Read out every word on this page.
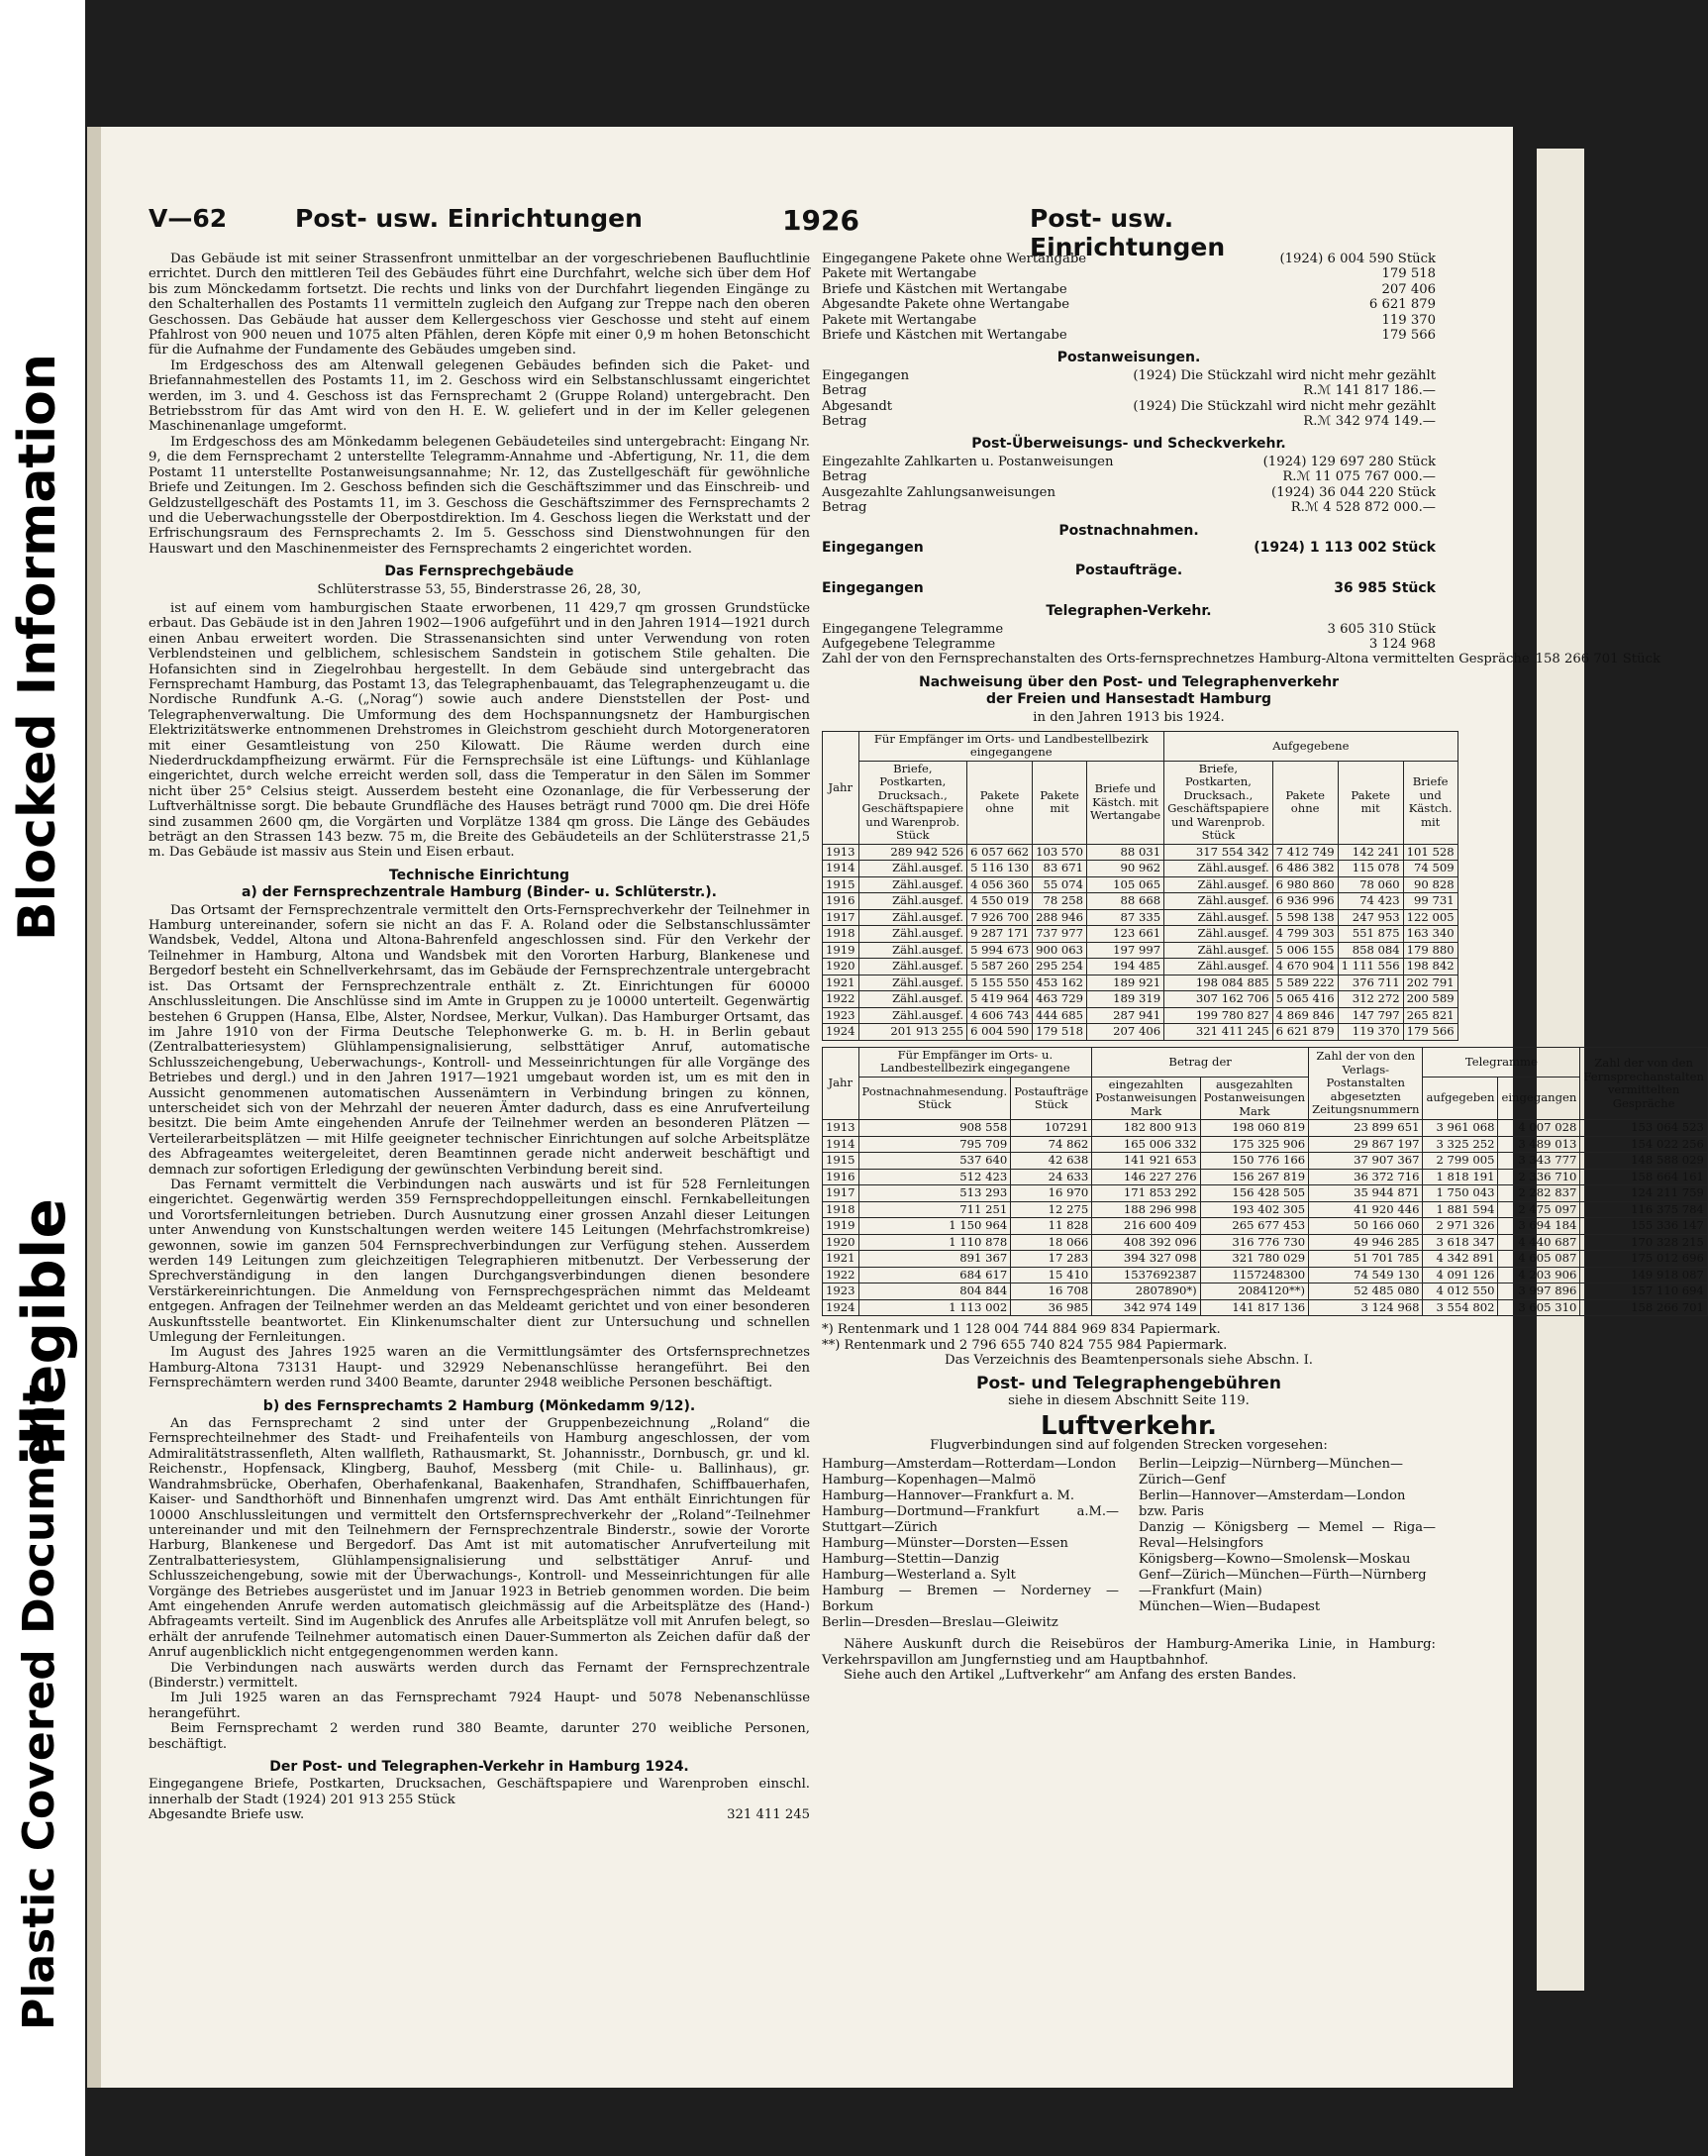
Blocked Information
illegible
Plastic Covered Document
V—62	Post- usw. Einrichtungen	1926	Post- usw. Einrichtungen

Das Gebäude ist mit seiner Strassenfront unmittelbar an der vorgeschriebenen Baufluchtlinie errichtet. Durch den mittleren Teil des Gebäudes führt eine Durchfahrt, welche sich über dem Hof bis zum Mönckedamm fortsetzt. Die rechts und links von der Durchfahrt liegenden Eingänge zu den Schalterhallen des Postamts 11 vermitteln zugleich den Aufgang zur Treppe nach den oberen Geschossen. Das Gebäude hat ausser dem Kellergeschoss vier Geschosse und steht auf einem Pfahlrost von 900 neuen und 1075 alten Pfählen, deren Köpfe mit einer 0,9 m hohen Betonschicht für die Aufnahme der Fundamente des Gebäudes umgeben sind.

Im Erdgeschoss des am Altenwall gelegenen Gebäudes befinden sich die Paket- und Briefannahmestellen des Postamts 11, im 2. Geschoss wird ein Selbstanschlussamt eingerichtet werden, im 3. und 4. Geschoss ist das Fernsprechamt 2 (Gruppe Roland) untergebracht. Den Betriebsstrom für das Amt wird von den H. E. W. geliefert und in der im Keller gelegenen Maschinenanlage umgeformt.

Im Erdgeschoss des am Mönkedamm belegenen Gebäudeteiles sind untergebracht: Eingang Nr. 9, die dem Fernsprechamt 2 unterstellte Telegramm-Annahme und -Abfertigung, Nr. 11, die dem Postamt 11 unterstellte Postanweisungsannahme; Nr. 12, das Zustellgeschäft für gewöhnliche Briefe und Zeitungen. Im 2. Geschoss befinden sich die Geschäftszimmer und das Einschreib- und Geldzustellgeschäft des Postamts 11, im 3. Geschoss die Geschäftszimmer des Fernsprechamts 2 und die Ueberwachungsstelle der Oberpostdirektion. Im 4. Geschoss liegen die Werkstatt und der Erfrischungsraum des Fernsprechamts 2. Im 5. Gesschoss sind Dienstwohnungen für den Hauswart und den Maschinenmeister des Fernsprechamts 2 eingerichtet worden.

Das Fernsprechgebäude
Schlüterstrasse 53, 55, Binderstrasse 26, 28, 30,

ist auf einem vom hamburgischen Staate erworbenen, 11 429,7 qm grossen Grundstücke erbaut. Das Gebäude ist in den Jahren 1902—1906 aufgeführt und in den Jahren 1914—1921 durch einen Anbau erweitert worden. Die Strassenansichten sind unter Verwendung von roten Verblendsteinen und gelblichem, schlesischem Sandstein in gotischem Stile gehalten. Die Hofansichten sind in Ziegelrohbau hergestellt. In dem Gebäude sind untergebracht das Fernsprechamt Hamburg, das Postamt 13, das Telegraphenbauamt, das Telegraphenzeugamt u. die Nordische Rundfunk A.-G. („Norag“) sowie auch andere Dienststellen der Post- und Telegraphenverwaltung. Die Umformung des dem Hochspannungsnetz der Hamburgischen Elektrizitätswerke entnommenen Drehstromes in Gleichstrom geschieht durch Motorgeneratoren mit einer Gesamtleistung von 250 Kilowatt. Die Räume werden durch eine Niederdruckdampfheizung erwärmt. Für die Fernsprechsäle ist eine Lüftungs- und Kühlanlage eingerichtet, durch welche erreicht werden soll, dass die Temperatur in den Sälen im Sommer nicht über 25° Celsius steigt. Ausserdem besteht eine Ozonanlage, die für Verbesserung der Luftverhältnisse sorgt. Die bebaute Grundfläche des Hauses beträgt rund 7000 qm. Die drei Höfe sind zusammen 2600 qm, die Vorgärten und Vorplätze 1384 qm gross. Die Länge des Gebäudes beträgt an den Strassen 143 bezw. 75 m, die Breite des Gebäudeteils an der Schlüterstrasse 21,5 m. Das Gebäude ist massiv aus Stein und Eisen erbaut.

Technische Einrichtung
a) der Fernsprechzentrale Hamburg (Binder- u. Schlüterstr.).

Das Ortsamt der Fernsprechzentrale vermittelt den Orts-Fernsprechverkehr der Teilnehmer in Hamburg untereinander, sofern sie nicht an das F. A. Roland oder die Selbstanschlussämter Wandsbek, Veddel, Altona und Altona-Bahrenfeld angeschlossen sind. Für den Verkehr der Teilnehmer in Hamburg, Altona und Wandsbek mit den Vororten Harburg, Blankenese und Bergedorf besteht ein Schnellverkehrsamt, das im Gebäude der Fernsprechzentrale untergebracht ist. Das Ortsamt der Fernsprechzentrale enthält z. Zt. Einrichtungen für 60000 Anschlussleitungen. Die Anschlüsse sind im Amte in Gruppen zu je 10000 unterteilt. Gegenwärtig bestehen 6 Gruppen (Hansa, Elbe, Alster, Nordsee, Merkur, Vulkan). Das Hamburger Ortsamt, das im Jahre 1910 von der Firma Deutsche Telephonwerke G. m. b. H. in Berlin gebaut (Zentralbatteriesystem) Glühlampensignalisierung, selbsttätiger Anruf, automatische Schlusszeichengebung, Ueberwachungs-, Kontroll- und Messeinrichtungen für alle Vorgänge des Betriebes und dergl.) und in den Jahren 1917—1921 umgebaut worden ist, um es mit den in Aussicht genommenen automatischen Aussenämtern in Verbindung bringen zu können, unterscheidet sich von der Mehrzahl der neueren Ämter dadurch, dass es eine Anrufverteilung besitzt. Die beim Amte eingehenden Anrufe der Teilnehmer werden an besonderen Plätzen — Verteilerarbeitsplätzen — mit Hilfe geeigneter technischer Einrichtungen auf solche Arbeitsplätze des Abfrageamtes weitergeleitet, deren Beamtinnen gerade nicht anderweit beschäftigt und demnach zur sofortigen Erledigung der gewünschten Verbindung bereit sind.

Das Fernamt vermittelt die Verbindungen nach auswärts und ist für 528 Fernleitungen eingerichtet. Gegenwärtig werden 359 Fernsprechdoppelleitungen einschl. Fernkabelleitungen und Vorortsfernleitungen betrieben. Durch Ausnutzung einer grossen Anzahl dieser Leitungen unter Anwendung von Kunstschaltungen werden weitere 145 Leitungen (Mehrfachstromkreise) gewonnen, sowie im ganzen 504 Fernsprechverbindungen zur Verfügung stehen. Ausserdem werden 149 Leitungen zum gleichzeitigen Telegraphieren mitbenutzt. Der Verbesserung der Sprechverständigung in den langen Durchgangsverbindungen dienen besondere Verstärkereinrichtungen. Die Anmeldung von Fernsprechgesprächen nimmt das Meldeamt entgegen. Anfragen der Teilnehmer werden an das Meldeamt gerichtet und von einer besonderen Auskunftsstelle beantwortet. Ein Klinkenumschalter dient zur Untersuchung und schnellen Umlegung der Fernleitungen.

Im August des Jahres 1925 waren an die Vermittlungsämter des Ortsfernsprechnetzes Hamburg-Altona 73131 Haupt- und 32929 Nebenanschlüsse herangeführt. Bei den Fernsprechämtern werden rund 3400 Beamte, darunter 2948 weibliche Personen beschäftigt.

b) des Fernsprechamts 2 Hamburg (Mönkedamm 9/12).

An das Fernsprechamt 2 sind unter der Gruppenbezeichnung „Roland“ die Fernsprechteilnehmer des Stadt- und Freihafenteils von Hamburg angeschlossen, der vom Admiralitätstrassenfleth, Alten wallfleth, Rathausmarkt, St. Johannisstr., Dornbusch, gr. und kl. Reichenstr., Hopfensack, Klingberg, Bauhof, Messberg (mit Chile- u. Ballinhaus), gr. Wandrahmsbrücke, Oberhafen, Oberhafenkanal, Baakenhafen, Strandhafen, Schiffbauerhafen, Kaiser- und Sandthorhöft und Binnenhafen umgrenzt wird. Das Amt enthält Einrichtungen für 10000 Anschlussleitungen und vermittelt den Ortsfernsprechverkehr der „Roland“-Teilnehmer untereinander und mit den Teilnehmern der Fernsprechzentrale Binderstr., sowie der Vororte Harburg, Blankenese und Bergedorf. Das Amt ist mit automatischer Anrufverteilung mit Zentralbatteriesystem, Glühlampensignalisierung und selbsttätiger Anruf- und Schlusszeichengebung, sowie mit der Überwachungs-, Kontroll- und Messeinrichtungen für alle Vorgänge des Betriebes ausgerüstet und im Januar 1923 in Betrieb genommen worden. Die beim Amt eingehenden Anrufe werden automatisch gleichmässig auf die Arbeitsplätze des (Hand-) Abfrageamts verteilt. Sind im Augenblick des Anrufes alle Arbeitsplätze voll mit Anrufen belegt, so erhält der anrufende Teilnehmer automatisch einen Dauer-Summerton als Zeichen dafür daß der Anruf augenblicklich nicht entgegengenommen werden kann.

Die Verbindungen nach auswärts werden durch das Fernamt der Fernsprechzentrale (Binderstr.) vermittelt.

Im Juli 1925 waren an das Fernsprechamt 7924 Haupt- und 5078 Nebenanschlüsse herangeführt.

Beim Fernsprechamt 2 werden rund 380 Beamte, darunter 270 weibliche Personen, beschäftigt.

Der Post- und Telegraphen-Verkehr in Hamburg 1924.
Eingegangene Briefe, Postkarten, Drucksachen, Geschäftspapiere und Warenproben einschl. innerhalb der Stadt (1924) 201 913 255 Stück
Abgesandte Briefe usw.	321 411 245
Eingegangene Pakete ohne Wertangabe	(1924) 6 004 590 Stück
Pakete mit Wertangabe	179 518
Briefe und Kästchen mit Wertangabe	207 406
Abgesandte Pakete ohne Wertangabe	6 621 879
Pakete mit Wertangabe	119 370
Briefe und Kästchen mit Wertangabe	179 566
Postanweisungen.
Eingegangen	(1924) Die Stückzahl wird nicht mehr gezählt
Betrag	R.ℳ 141 817 186.—
Abgesandt	(1924) Die Stückzahl wird nicht mehr gezählt
Betrag	R.ℳ 342 974 149.—
Post-Überweisungs- und Scheckverkehr.
Eingezahlte Zahlkarten u. Postanweisungen	(1924) 129 697 280 Stück
Betrag	R.ℳ 11 075 767 000.—
Ausgezahlte Zahlungsanweisungen	(1924) 36 044 220 Stück
Betrag	R.ℳ 4 528 872 000.—
Postnachnahmen.
Eingegangen	(1924) 1 113 002 Stück
Postaufträge.
Eingegangen	36 985 Stück
Telegraphen-Verkehr.
Eingegangene Telegramme	3 605 310 Stück
Aufgegebene Telegramme	3 124 968
Zahl der von den Fernsprechanstalten des Orts-fernsprechnetzes Hamburg-Altona vermittelten Gespräche 158 266 701 Stück
Nachweisung über den Post- und Telegraphenverkehr
der Freien und Hansestadt Hamburg
in den Jahren 1913 bis 1924.
Jahr	Für Empfänger im Orts- und Landbestellbezirk eingegangene				Aufgegebene			
	Briefe, Postkarten, Drucksach., Geschäftspapiere und Warenprob. Stück	Pakete ohne	Pakete mit	Briefe und Kästch. mit Wertangabe	Briefe, Postkarten, Drucksach., Geschäftspapiere und Warenprob. Stück	Pakete ohne	Pakete mit	Briefe und Kästch. mit
1913	289 942 526	6 057 662	103 570	88 031	317 554 342	7 412 749	142 241	101 528
1914	Zähl.ausgef.	5 116 130	83 671	90 962	Zähl.ausgef.	6 486 382	115 078	74 509
1915	Zähl.ausgef.	4 056 360	55 074	105 065	Zähl.ausgef.	6 980 860	78 060	90 828
1916	Zähl.ausgef.	4 550 019	78 258	88 668	Zähl.ausgef.	6 936 996	74 423	99 731
1917	Zähl.ausgef.	7 926 700	288 946	87 335	Zähl.ausgef.	5 598 138	247 953	122 005
1918	Zähl.ausgef.	9 287 171	737 977	123 661	Zähl.ausgef.	4 799 303	551 875	163 340
1919	Zähl.ausgef.	5 994 673	900 063	197 997	Zähl.ausgef.	5 006 155	858 084	179 880
1920	Zähl.ausgef.	5 587 260	295 254	194 485	Zähl.ausgef.	4 670 904	1 111 556	198 842
1921	Zähl.ausgef.	5 155 550	453 162	189 921	198 084 885	5 589 222	376 711	202 791
1922	Zähl.ausgef.	5 419 964	463 729	189 319	307 162 706	5 065 416	312 272	200 589
1923	Zähl.ausgef.	4 606 743	444 685	287 941	199 780 827	4 869 846	147 797	265 821
1924	201 913 255	6 004 590	179 518	207 406	321 411 245	6 621 879	119 370	179 566
Jahr	Für Empfänger im Orts- u. Landbestellbezirk eingegangene		Betrag der		Zahl der von den Verlags-Postanstalten abgesetzten Zeitungsnummern	Telegramme		Zahl der von den Fernsprechanstalten vermittelten Gespräche
	Postnachnahmesendung. Stück	Postaufträge Stück	eingezahlten Postanweisungen Mark	ausgezahlten Postanweisungen Mark		aufgegeben	eingegangen	
1913	908 558	107291	182 800 913	198 060 819	23 899 651	3 961 068	4 007 028	153 064 523
1914	795 709	74 862	165 006 332	175 325 906	29 867 197	3 325 252	3 489 013	154 022 256
1915	537 640	42 638	141 921 653	150 776 166	37 907 367	2 799 005	3 343 777	148 588 029
1916	512 423	24 633	146 227 276	156 267 819	36 372 716	1 818 191	2 336 710	158 664 161
1917	513 293	16 970	171 853 292	156 428 505	35 944 871	1 750 043	2 282 837	124 211 759
1918	711 251	12 275	188 296 998	193 402 305	41 920 446	1 881 594	2 475 097	116 375 784
1919	1 150 964	11 828	216 600 409	265 677 453	50 166 060	2 971 326	3 694 184	155 336 147
1920	1 110 878	18 066	408 392 096	316 776 730	49 946 285	3 618 347	4 440 687	170 328 215
1921	891 367	17 283	394 327 098	321 780 029	51 701 785	4 342 891	4 605 087	175 012 696
1922	684 617	15 410	1537692387	1157248300	74 549 130	4 091 126	4 203 906	149 918 087
1923	804 844	16 708	2807890*)	2084120**)	52 485 080	4 012 550	3 997 896	157 110 694
1924	1 113 002	36 985	342 974 149	141 817 136	3 124 968	3 554 802	3 605 310	158 266 701
*) Rentenmark und 1 128 004 744 884 969 834 Papiermark.
**) Rentenmark und 2 796 655 740 824 755 984 Papiermark.
Das Verzeichnis des Beamtenpersonals siehe Abschn. I.
Post- und Telegraphengebühren
siehe in diesem Abschnitt Seite 119.
Luftverkehr.
Flugverbindungen sind auf folgenden Strecken vorgesehen:
Hamburg—Amsterdam—Rotterdam—London
Hamburg—Kopenhagen—Malmö
Hamburg—Hannover—Frankfurt a. M.
Hamburg—Dortmund—Frankfurt a.M.—Stuttgart—Zürich
Hamburg—Münster—Dorsten—Essen
Hamburg—Stettin—Danzig
Hamburg—Westerland a. Sylt
Hamburg — Bremen — Norderney — Borkum
Berlin—Dresden—Breslau—Gleiwitz
Berlin—Leipzig—Nürnberg—München—Zürich—Genf
Berlin—Hannover—Amsterdam—London bzw. Paris
Danzig — Königsberg — Memel — Riga—Reval—Helsingfors
Königsberg—Kowno—Smolensk—Moskau
Genf—Zürich—München—Fürth—Nürnberg—Frankfurt (Main)
München—Wien—Budapest

Nähere Auskunft durch die Reisebüros der Hamburg-Amerika Linie, in Hamburg: Verkehrspavillon am Jungfernstieg und am Hauptbahnhof.

Siehe auch den Artikel „Luftverkehr“ am Anfang des ersten Bandes.
